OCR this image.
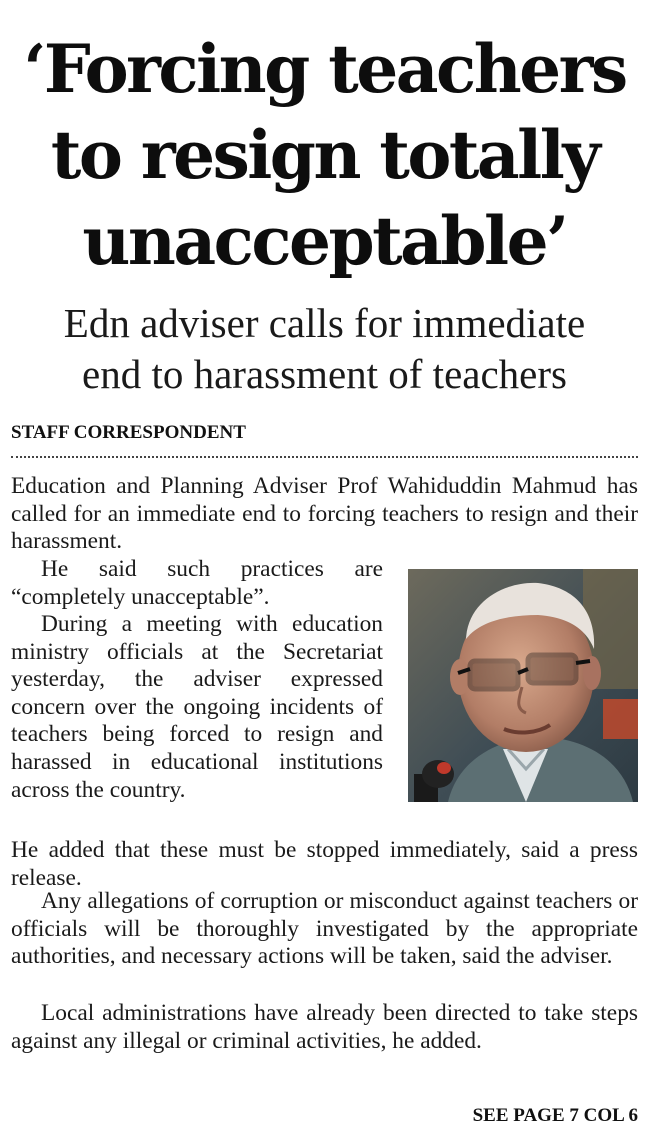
‘Forcing teachers
to resign totally
unacceptable’
Edn adviser calls for immediate
end to harassment of teachers
STAFF CORRESPONDENT

Education and Planning Adviser Prof Wahiduddin Mahmud has called for an immediate end to forcing teachers to resign and their harassment.

He said such practices are “completely unacceptable”.

During a meeting with education ministry officials at the Secretariat yesterday, the adviser expressed concern over the ongoing incidents of teachers being forced to resign and harassed in educational institutions across the country.

He added that these must be stopped immediately, said a press release.

Any allegations of corruption or misconduct against teachers or officials will be thoroughly investigated by the appropriate authorities, and necessary actions will be taken, said the adviser.

Local administrations have already been directed to take steps against any illegal or criminal activities, he added.

SEE PAGE 7 COL 6
